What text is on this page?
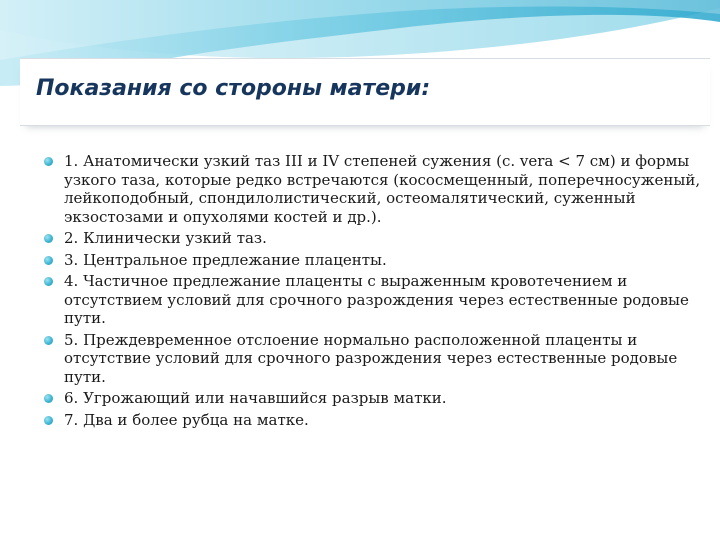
Показания со стороны матери:
1. Анатомически узкий таз III и IV степеней сужения (c. vera < 7 см) и формы узкого таза, которые редко встречаются (кососмещенный, поперечносуженый, лейкоподобный, спондилолистический, остеомалятический, суженный экзостозами и опухолями костей и др.).
2. Клинически узкий таз.
3. Центральное предлежание плаценты.
4. Частичное предлежание плаценты с выраженным кровотечением и отсутствием условий для срочного разрождения через естественные родовые пути.
5. Преждевременное отслоение нормально расположенной плаценты и отсутствие условий для срочного разрождения через естественные родовые пути.
6. Угрожающий или начавшийся разрыв матки.
7. Два и более рубца на матке.
